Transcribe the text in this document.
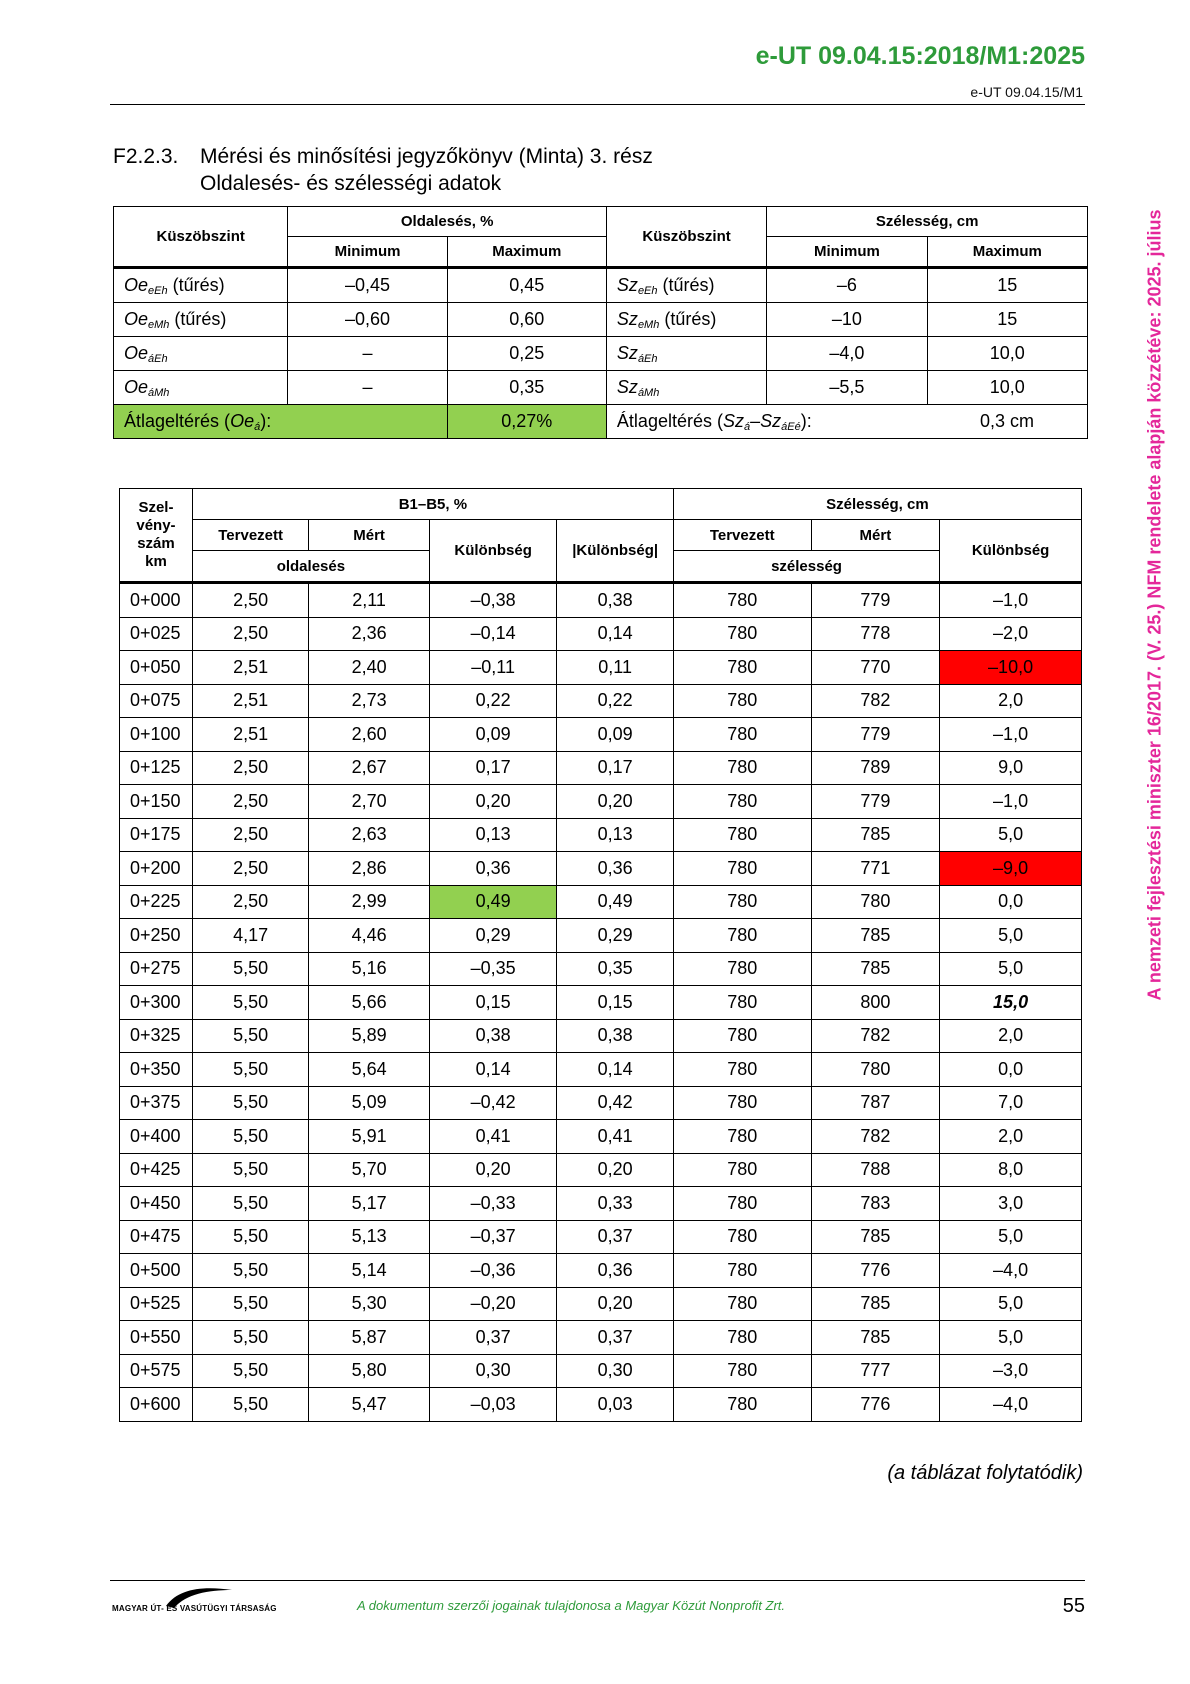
e-UT 09.04.15:2018/M1:2025
e-UT 09.04.15/M1
F2.2.3. Mérési és minősítési jegyzőkönyv (Minta) 3. rész
Oldalesés- és szélességi adatok
A nemzeti fejlesztési miniszter 16/2017. (V. 25.) NFM rendelete alapján közzétéve: 2025. július
Küszöbszint	Oldalesés, %		Küszöbszint	Szélesség, cm	
	Minimum	Maximum		Minimum	Maximum
$Oe_{eEh}$ (tűrés)	–0,45	0,45	$Sz_{eEh}$ (tűrés)	–6	15
$Oe_{eMh}$ (tűrés)	–0,60	0,60	$Sz_{eMh}$ (tűrés)	–10	15
$Oe_{áEh}$	–	0,25	$Sz_{áEh}$	–4,0	10,0
$Oe_{áMh}$	–	0,35	$Sz_{áMh}$	–5,5	10,0
Átlageltérés $(Oe_á)$:		0,27%	Átlageltérés $(Sz_á-Sz_{áEé})$:		0,3 cm
Szel-
vény-
szám
km	B1–B5, %				Szélesség, cm		
	Tervezett	Mért	Különbség	|Különbség|	Tervezett	Mért	Különbség
	oldalesés				szélesség		
0+000	2,50	2,11	–0,38	0,38	780	779	–1,0
0+025	2,50	2,36	–0,14	0,14	780	778	–2,0
0+050	2,51	2,40	–0,11	0,11	780	770	–10,0
0+075	2,51	2,73	0,22	0,22	780	782	2,0
0+100	2,51	2,60	0,09	0,09	780	779	–1,0
0+125	2,50	2,67	0,17	0,17	780	789	9,0
0+150	2,50	2,70	0,20	0,20	780	779	–1,0
0+175	2,50	2,63	0,13	0,13	780	785	5,0
0+200	2,50	2,86	0,36	0,36	780	771	–9,0
0+225	2,50	2,99	0,49	0,49	780	780	0,0
0+250	4,17	4,46	0,29	0,29	780	785	5,0
0+275	5,50	5,16	–0,35	0,35	780	785	5,0
0+300	5,50	5,66	0,15	0,15	780	800	15,0
0+325	5,50	5,89	0,38	0,38	780	782	2,0
0+350	5,50	5,64	0,14	0,14	780	780	0,0
0+375	5,50	5,09	–0,42	0,42	780	787	7,0
0+400	5,50	5,91	0,41	0,41	780	782	2,0
0+425	5,50	5,70	0,20	0,20	780	788	8,0
0+450	5,50	5,17	–0,33	0,33	780	783	3,0
0+475	5,50	5,13	–0,37	0,37	780	785	5,0
0+500	5,50	5,14	–0,36	0,36	780	776	–4,0
0+525	5,50	5,30	–0,20	0,20	780	785	5,0
0+550	5,50	5,87	0,37	0,37	780	785	5,0
0+575	5,50	5,80	0,30	0,30	780	777	–3,0
0+600	5,50	5,47	–0,03	0,03	780	776	–4,0
(a táblázat folytatódik)
MAGYAR ÚT- ÉS VASÚTÜGYI TÁRSASÁG	A dokumentum szerzői jogainak tulajdonosa a Magyar Közút Nonprofit Zrt.	55
